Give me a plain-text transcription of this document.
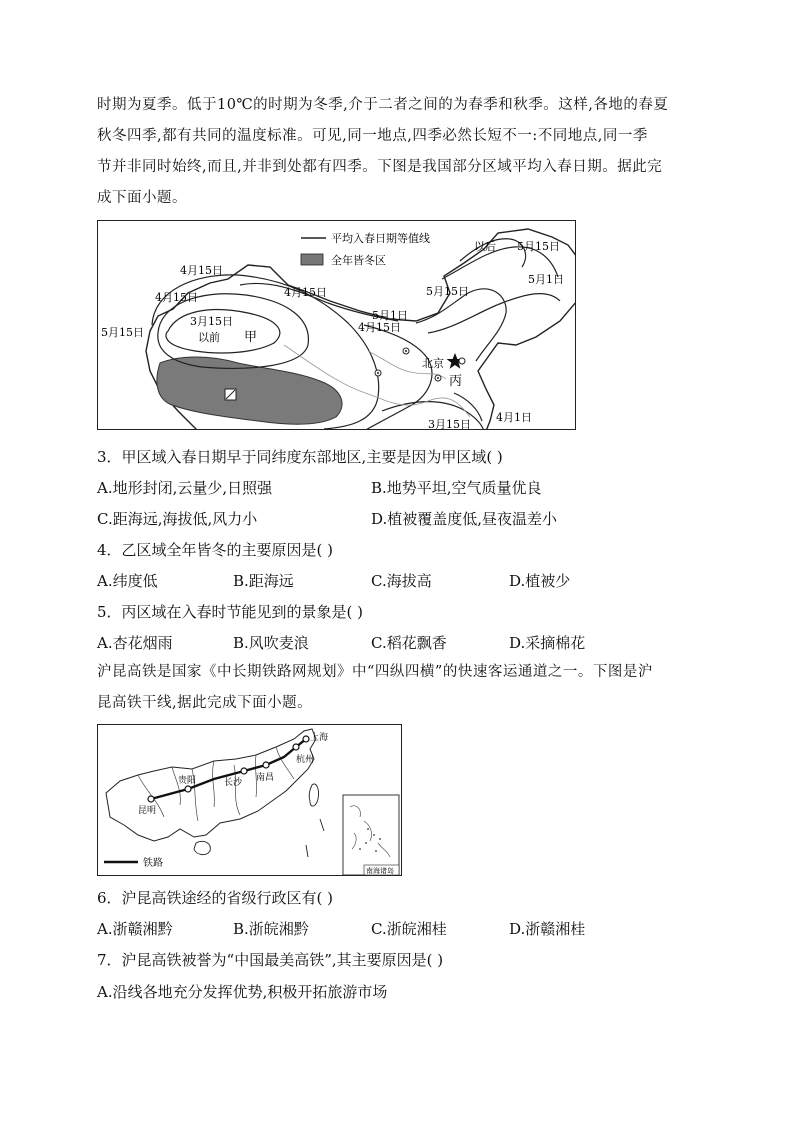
时期为夏季。低于10℃的时期为冬季,介于二者之间的为春季和秋季。这样,各地的春夏
秋冬四季,都有共同的温度标准。可见,同一地点,四季必然长短不一:不同地点,同一季
节并非同时始终,而且,并非到处都有四季。下图是我国部分区域平均入春日期。据此完
成下面小题。
平均入春日期等值线
全年皆冬区
5月15日
以后
5月1日
4月15日
4月15日
4月15日	5月15日
5月15日
3月15日
以前 甲
5月1日
4月15日
北京
丙
3月15日
4月1日
3．甲区域入春日期早于同纬度东部地区,主要是因为甲区域( )
A.地形封闭,云量少,日照强	B.地势平坦,空气质量优良
C.距海远,海拔低,风力小	D.植被覆盖度低,昼夜温差小
4．乙区域全年皆冬的主要原因是( )
A.纬度低	B.距海远	C.海拔高	D.植被少
5．丙区域在入春时节能见到的景象是( )
A.杏花烟雨	B.风吹麦浪	C.稻花飘香	D.采摘棉花
沪昆高铁是国家《中长期铁路网规划》中“四纵四横”的快速客运通道之一。下图是沪
昆高铁干线,据此完成下面小题。
上海
杭州
贵阳	长沙 南昌
昆明
铁路
南海诸岛
6．沪昆高铁途经的省级行政区有( )
A.浙赣湘黔	B.浙皖湘黔	C.浙皖湘桂	D.浙赣湘桂
7．沪昆高铁被誉为“中国最美高铁”,其主要原因是( )
A.沿线各地充分发挥优势,积极开拓旅游市场
